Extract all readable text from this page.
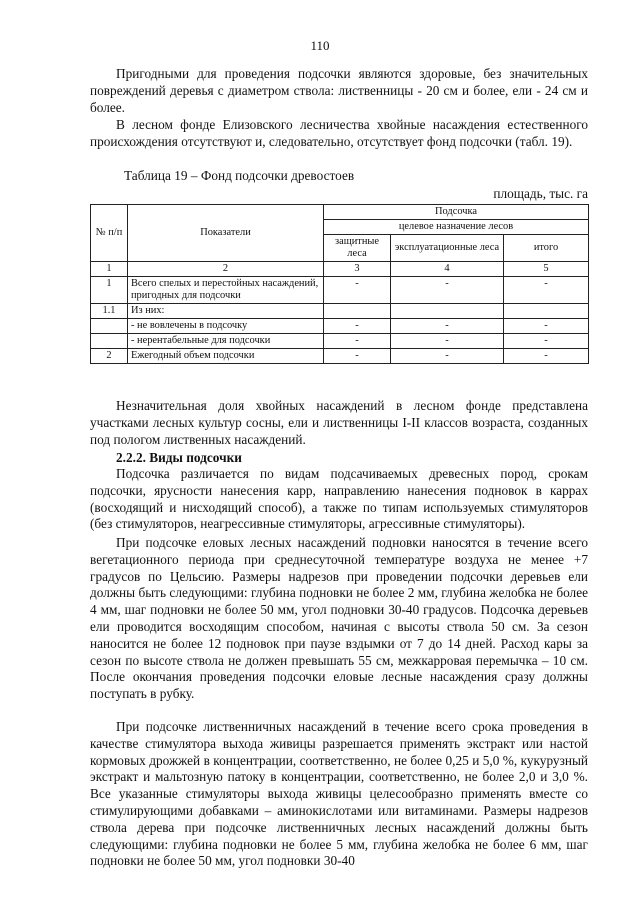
110

Пригодными для проведения подсочки являются здоровые, без значительных повреждений деревья с диаметром ствола: лиственницы - 20 см и более, ели - 24 см и более.

В лесном фонде Елизовского лесничества хвойные насаждения естественного происхождения отсутствуют и, следовательно, отсутствует фонд подсочки (табл. 19).

Таблица 19 – Фонд подсочки древостоев

площадь, тыс. га

№ п/п	Показатели	Подсочка		
		целевое назначение лесов		
		защитные леса	эксплуатационные леса	итого
1	2	3	4	5
1	Всего спелых и перестойных насаждений, пригодных для подсочки	-	-	-
1.1	Из них:			
	- не вовлечены в подсочку	-	-	-
	- нерентабельные для подсочки	-	-	-
2	Ежегодный объем подсочки	-	-	-

Незначительная доля хвойных насаждений в лесном фонде представлена участками лесных культур сосны, ели и лиственницы I-II классов возраста, созданных под пологом лиственных насаждений.

2.2.2. Виды подсочки

Подсочка различается по видам подсачиваемых древесных пород, срокам подсочки, ярусности нанесения карр, направлению нанесения подновок в каррах (восходящий и нисходящий способ), а также по типам используемых стимуляторов (без стимуляторов, неагрессивные стимуляторы, агрессивные стимуляторы).

При подсочке еловых лесных насаждений подновки наносятся в течение всего вегетационного периода при среднесуточной температуре воздуха не менее +7 градусов по Цельсию. Размеры надрезов при проведении подсочки деревьев ели должны быть следующими: глубина подновки не более 2 мм, глубина желобка не более 4 мм, шаг подновки не более 50 мм, угол подновки 30-40 градусов. Подсочка деревьев ели проводится восходящим способом, начиная с высоты ствола 50 см. За сезон наносится не более 12 подновок при паузе вздымки от 7 до 14 дней. Расход кары за сезон по высоте ствола не должен превышать 55 см, межкарровая перемычка – 10 см. После окончания проведения подсочки еловые лесные насаждения сразу должны поступать в рубку.

При подсочке лиственничных насаждений в течение всего срока проведения в качестве стимулятора выхода живицы разрешается применять экстракт или настой кормовых дрожжей в концентрации, соответственно, не более 0,25 и 5,0 %, кукурузный экстракт и мальтозную патоку в концентрации, соответственно, не более 2,0 и 3,0 %. Все указанные стимуляторы выхода живицы целесообразно применять вместе со стимулирующими добавками – аминокислотами или витаминами. Размеры надрезов ствола дерева при подсочке лиственничных лесных насаждений должны быть следующими: глубина подновки не более 5 мм, глубина желобка не более 6 мм, шаг подновки не более 50 мм, угол подновки 30-40
